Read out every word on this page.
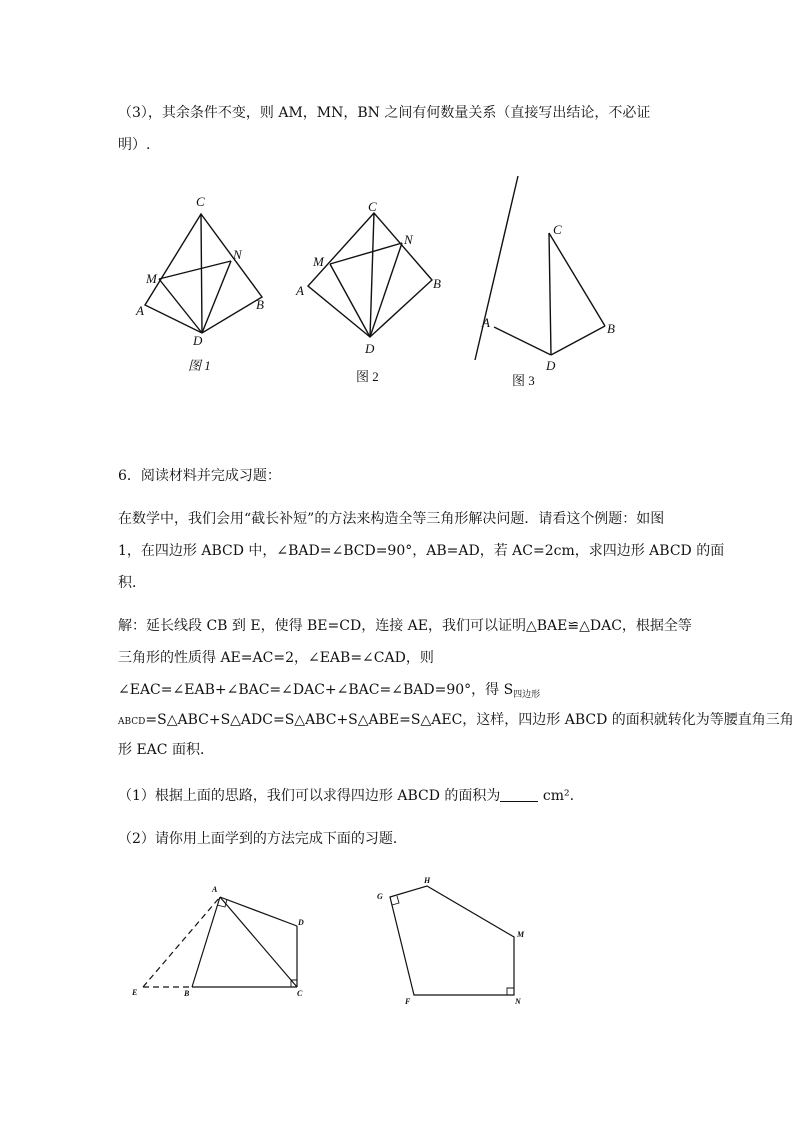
（3），其余条件不变，则 AM，MN，BN 之间有何数量关系（直接写出结论，不必证
明）.
6．阅读材料并完成习题：
在数学中，我们会用“截长补短”的方法来构造全等三角形解决问题．请看这个例题：如图
1，在四边形 ABCD 中，∠BAD=∠BCD=90°，AB=AD，若 AC=2cm，求四边形 ABCD 的面
积．
解：延长线段 CB 到 E，使得 BE=CD，连接 AE，我们可以证明△BAE≌△DAC，根据全等
三角形的性质得 AE=AC=2，∠EAB=∠CAD，则
∠EAC=∠EAB+∠BAC=∠DAC+∠BAC=∠BAD=90°，得 $S_{四边形}$
ABCD=S△ABC+S△ADC=S△ABC+S△ABE=S△AEC，这样，四边形 ABCD 的面积就转化为等腰直角三角
形 EAC 面积．
（1）根据上面的思路，我们可以求得四边形 ABCD 的面积为	cm².
（2）请你用上面学到的方法完成下面的习题．
C
N
M
A	B
D
图 1
C
N
M
A	B
D
图 2
C
A	B
D
图 3
A
D
E	B	C
G
H
M
F	N
